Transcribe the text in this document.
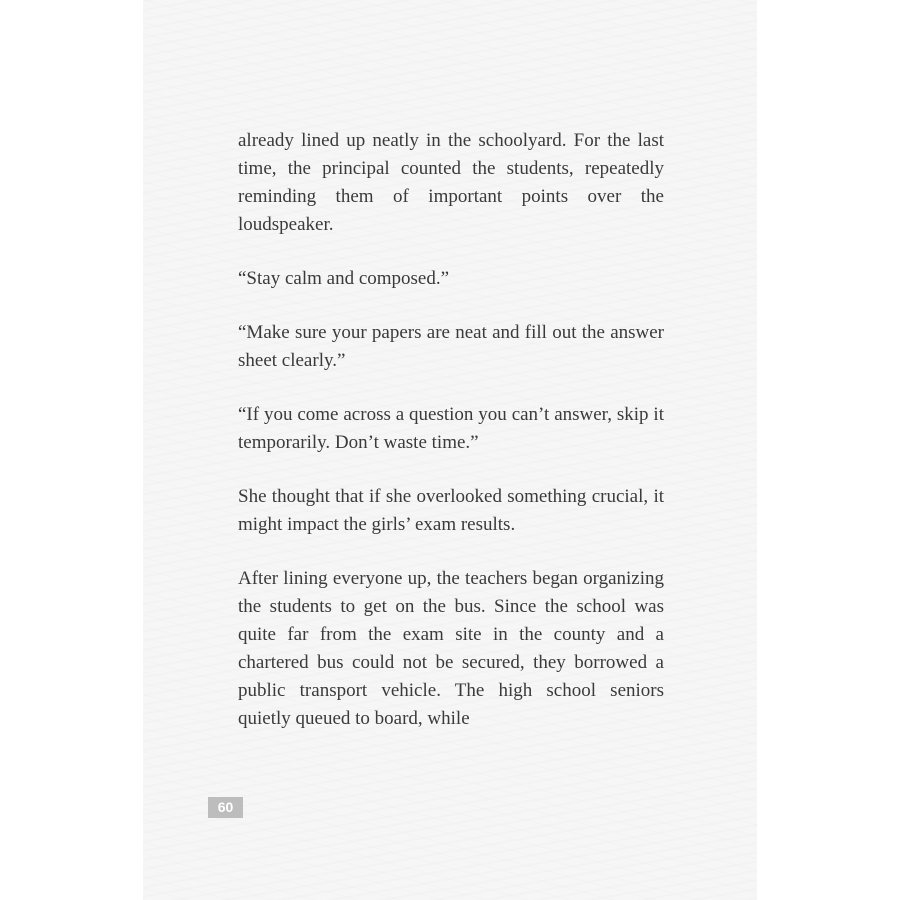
already lined up neatly in the schoolyard. For the last time, the principal counted the students, repeatedly reminding them of important points over the loudspeaker.

“Stay calm and composed.”

“Make sure your papers are neat and fill out the answer sheet clearly.”

“If you come across a question you can’t answer, skip it temporarily. Don’t waste time.”

She thought that if she overlooked something crucial, it might impact the girls’ exam results.

After lining everyone up, the teachers began organizing the students to get on the bus. Since the school was quite far from the exam site in the county and a chartered bus could not be secured, they borrowed a public transport vehicle. The high school seniors quietly queued to board, while

60
